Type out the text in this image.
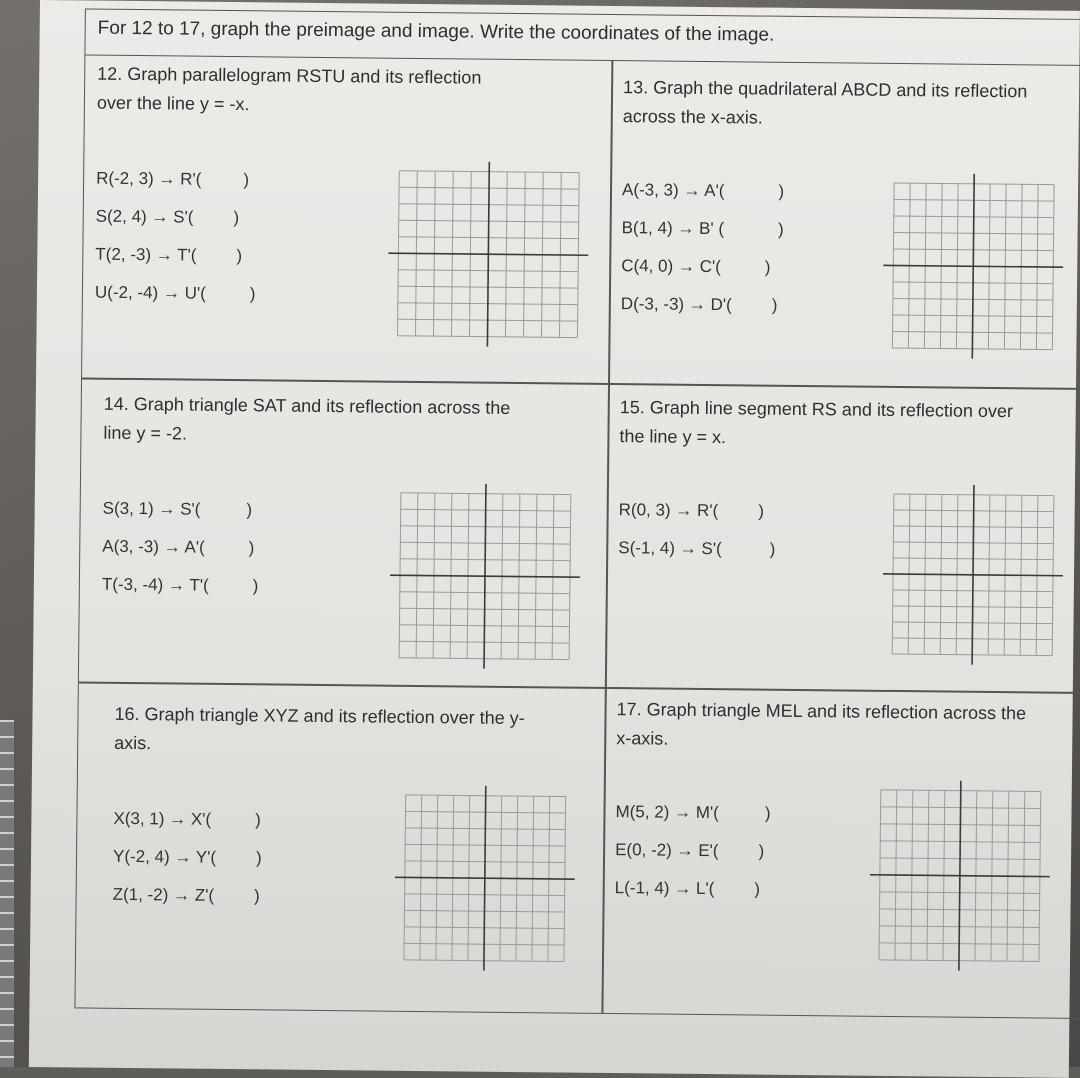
For 12 to 17, graph the preimage and image. Write the coordinates of the image.
12. Graph parallelogram RSTU and its reflection
over the line y = -x.
R(-2, 3) → R'( )
S(2, 4) → S'( )
T(2, -3) → T'( )
U(-2, -4) → U'(	)
13. Graph the quadrilateral ABCD and its reflection
across the x-axis.
A(-3, 3) → A'(	)
B(1, 4) → B' (	)
C(4, 0) → C'(	)
D(-3, -3) → D'( )
14. Graph triangle SAT and its reflection across the
line y = -2.
S(3, 1) → S'(	)
A(3, -3) → A'(	)
T(-3, -4) → T'(	)
15. Graph line segment RS and its reflection over
the line y = x.
R(0, 3) → R'( )
S(-1, 4) → S'(	)
16. Graph triangle XYZ and its reflection over the y-
axis.
X(3, 1) → X'(	)
Y(-2, 4) → Y'( )
Z(1, -2) → Z'( )
17. Graph triangle MEL and its reflection across the
x-axis.
M(5, 2) → M'(	)
E(0, -2) → E'( )
L(-1, 4) → L'( )
